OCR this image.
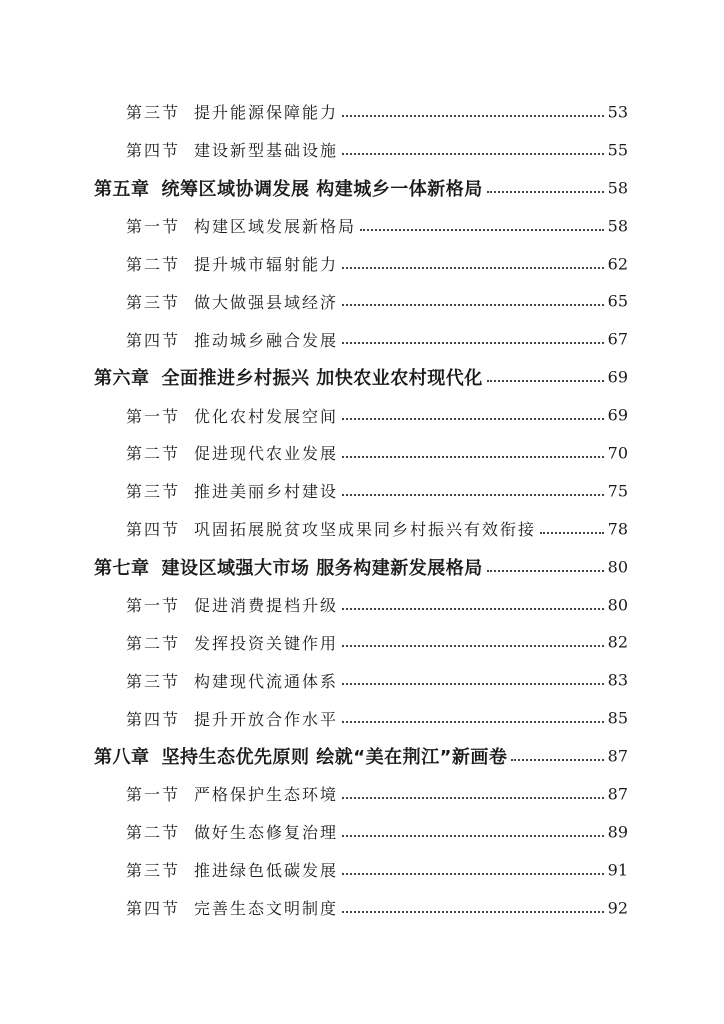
第三节 提升能源保障能力	53
第四节 建设新型基础设施	55
第五章 统筹区域协调发展 构建城乡一体新格局	58
第一节 构建区域发展新格局	58
第二节 提升城市辐射能力	62
第三节 做大做强县域经济	65
第四节 推动城乡融合发展	67
第六章 全面推进乡村振兴 加快农业农村现代化	69
第一节 优化农村发展空间	69
第二节 促进现代农业发展	70
第三节 推进美丽乡村建设	75
第四节 巩固拓展脱贫攻坚成果同乡村振兴有效衔接	78
第七章 建设区域强大市场 服务构建新发展格局	80
第一节 促进消费提档升级	80
第二节 发挥投资关键作用	82
第三节 构建现代流通体系	83
第四节 提升开放合作水平	85
第八章 坚持生态优先原则 绘就“美在荆江”新画卷	87
第一节 严格保护生态环境	87
第二节 做好生态修复治理	89
第三节 推进绿色低碳发展	91
第四节 完善生态文明制度	92
